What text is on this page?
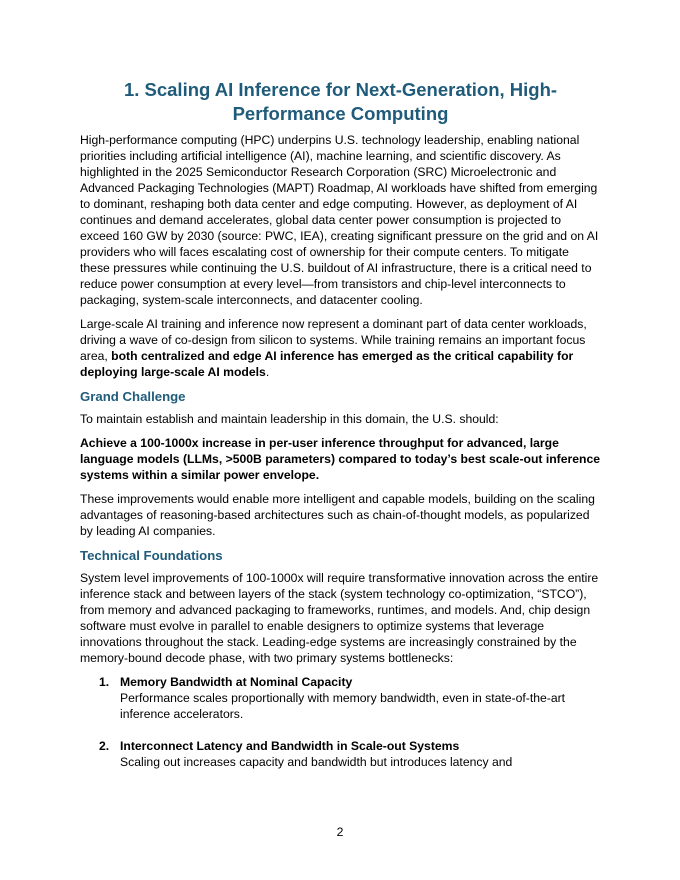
1. Scaling AI Inference for Next-Generation, High-Performance Computing

High-performance computing (HPC) underpins U.S. technology leadership, enabling national priorities including artificial intelligence (AI), machine learning, and scientific discovery. As highlighted in the 2025 Semiconductor Research Corporation (SRC) Microelectronic and Advanced Packaging Technologies (MAPT) Roadmap, AI workloads have shifted from emerging to dominant, reshaping both data center and edge computing. However, as deployment of AI continues and demand accelerates, global data center power consumption is projected to exceed 160 GW by 2030 (source: PWC, IEA), creating significant pressure on the grid and on AI providers who will faces escalating cost of ownership for their compute centers. To mitigate these pressures while continuing the U.S. buildout of AI infrastructure, there is a critical need to reduce power consumption at every level—from transistors and chip-level interconnects to packaging, system-scale interconnects, and datacenter cooling.

Large-scale AI training and inference now represent a dominant part of data center workloads, driving a wave of co-design from silicon to systems. While training remains an important focus area, both centralized and edge AI inference has emerged as the critical capability for deploying large-scale AI models.

Grand Challenge

To maintain establish and maintain leadership in this domain, the U.S. should:

Achieve a 100-1000x increase in per-user inference throughput for advanced, large language models (LLMs, >500B parameters) compared to today’s best scale-out inference systems within a similar power envelope.

These improvements would enable more intelligent and capable models, building on the scaling advantages of reasoning-based architectures such as chain-of-thought models, as popularized by leading AI companies.

Technical Foundations

System level improvements of 100-1000x will require transformative innovation across the entire inference stack and between layers of the stack (system technology co-optimization, “STCO”), from memory and advanced packaging to frameworks, runtimes, and models. And, chip design software must evolve in parallel to enable designers to optimize systems that leverage innovations throughout the stack. Leading-edge systems are increasingly constrained by the memory-bound decode phase, with two primary systems bottlenecks:

1. Memory Bandwidth at Nominal Capacity
Performance scales proportionally with memory bandwidth, even in state-of-the-art inference accelerators.
2. Interconnect Latency and Bandwidth in Scale-out Systems
Scaling out increases capacity and bandwidth but introduces latency and
2
